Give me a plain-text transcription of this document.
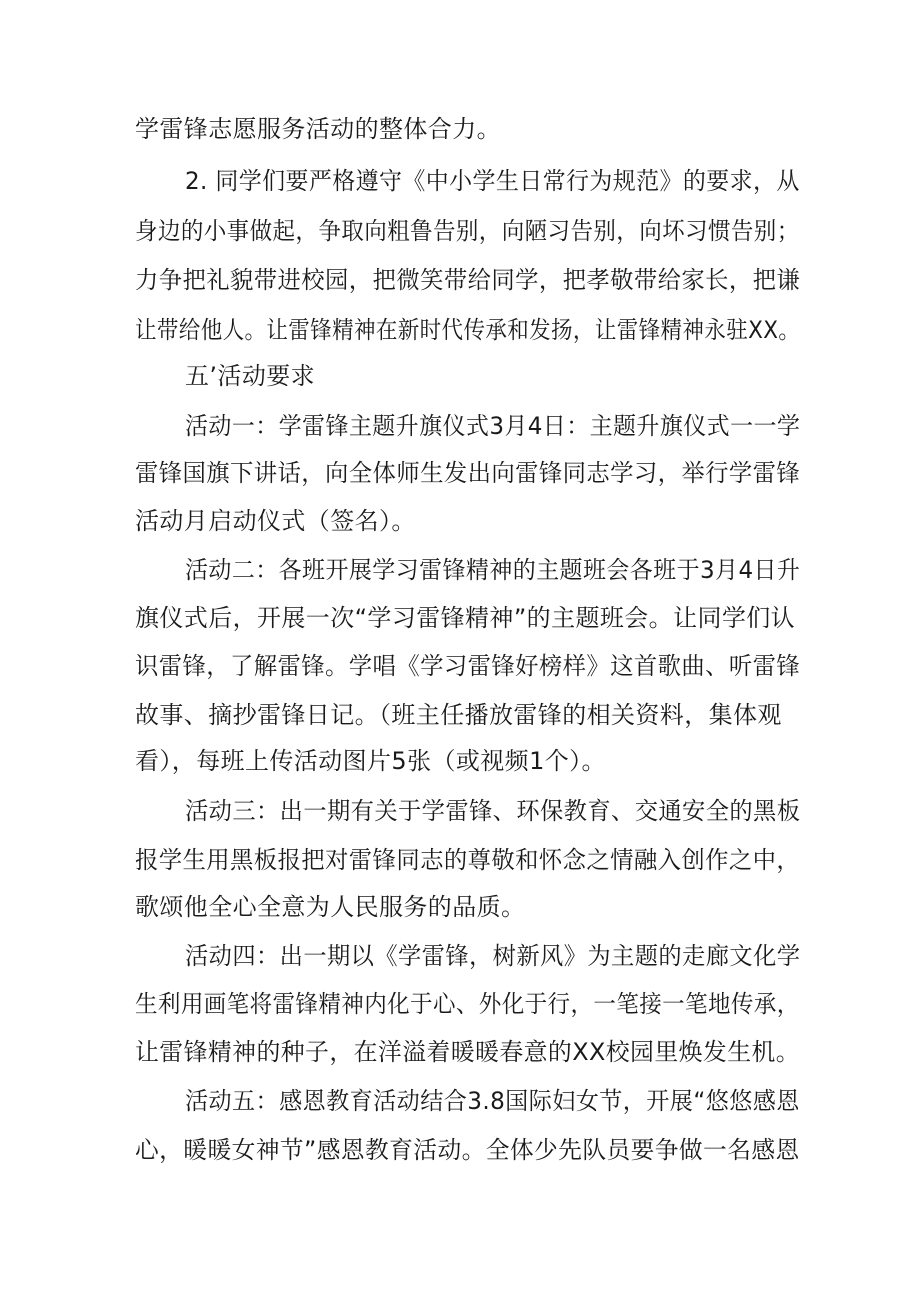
学雷锋志愿服务活动的整体合力。
2. 同学们要严格遵守《中小学生日常行为规范》的要求，从
身边的小事做起，争取向粗鲁告别，向陋习告别，向坏习惯告别；
力争把礼貌带进校园，把微笑带给同学，把孝敬带给家长，把谦
让带给他人。让雷锋精神在新时代传承和发扬，让雷锋精神永驻XX。
五’活动要求
活动一：学雷锋主题升旗仪式3月4日：主题升旗仪式一一学
雷锋国旗下讲话，向全体师生发出向雷锋同志学习，举行学雷锋
活动月启动仪式（签名）。
活动二：各班开展学习雷锋精神的主题班会各班于3月4日升
旗仪式后，开展一次“学习雷锋精神”的主题班会。让同学们认
识雷锋，了解雷锋。学唱《学习雷锋好榜样》这首歌曲、听雷锋
故事、摘抄雷锋日记。（班主任播放雷锋的相关资料，集体观
看），每班上传活动图片5张（或视频1个）。
活动三：出一期有关于学雷锋、环保教育、交通安全的黑板
报学生用黑板报把对雷锋同志的尊敬和怀念之情融入创作之中，
歌颂他全心全意为人民服务的品质。
活动四：出一期以《学雷锋，树新风》为主题的走廊文化学
生利用画笔将雷锋精神内化于心、外化于行，一笔接一笔地传承，
让雷锋精神的种子，在洋溢着暖暖春意的XX校园里焕发生机。
活动五：感恩教育活动结合3.8国际妇女节，开展“悠悠感恩
心，暖暖女神节”感恩教育活动。全体少先队员要争做一名感恩
